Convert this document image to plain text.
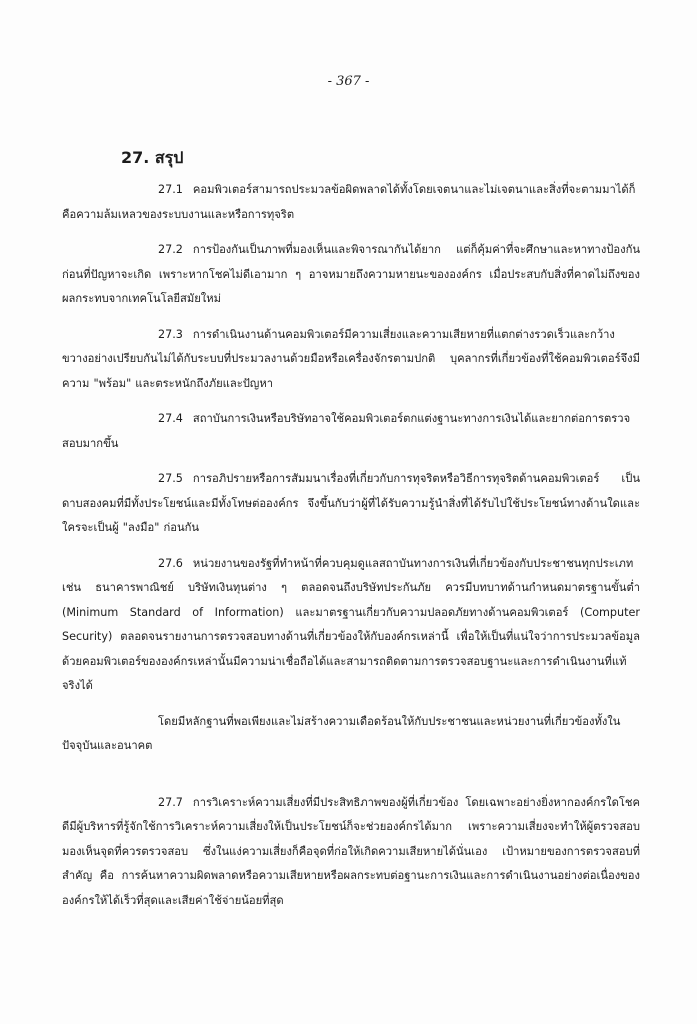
- 367 -
27. สรุป

27.1 คอมพิวเตอร์สามารถประมวลข้อผิดพลาดได้ทั้งโดยเจตนาและไม่เจตนาและสิ่งที่จะตามมาได้ก็คือความล้มเหลวของระบบงานและหรือการทุจริต

27.2 การป้องกันเป็นภาพที่มองเห็นและพิจารณากันได้ยาก แต่ก็คุ้มค่าที่จะศึกษาและหาทางป้องกันก่อนที่ปัญหาจะเกิด เพราะหากโชคไม่ดีเอามาก ๆ อาจหมายถึงความหายนะขององค์กร เมื่อประสบกับสิ่งที่คาดไม่ถึงของผลกระทบจากเทคโนโลยีสมัยใหม่

27.3 การดำเนินงานด้านคอมพิวเตอร์มีความเสี่ยงและความเสียหายที่แตกต่างรวดเร็วและกว้างขวางอย่างเปรียบกันไม่ได้กับระบบที่ประมวลงานด้วยมือหรือเครื่องจักรตามปกติ บุคลากรที่เกี่ยวข้องที่ใช้คอมพิวเตอร์จึงมีความ "พร้อม" และตระหนักถึงภัยและปัญหา

27.4 สถาบันการเงินหรือบริษัทอาจใช้คอมพิวเตอร์ตกแต่งฐานะทางการเงินได้และยากต่อการตรวจสอบมากขึ้น

27.5 การอภิปรายหรือการสัมมนาเรื่องที่เกี่ยวกับการทุจริตหรือวิธีการทุจริตด้านคอมพิวเตอร์ เป็นดาบสองคมที่มีทั้งประโยชน์และมีทั้งโทษต่อองค์กร จึงขึ้นกับว่าผู้ที่ได้รับความรู้นำสิ่งที่ได้รับไปใช้ประโยชน์ทางด้านใดและใครจะเป็นผู้ "ลงมือ" ก่อนกัน

27.6 หน่วยงานของรัฐที่ทำหน้าที่ควบคุมดูแลสถาบันทางการเงินที่เกี่ยวข้องกับประชาชนทุกประเภท เช่น ธนาคารพาณิชย์ บริษัทเงินทุนต่าง ๆ ตลอดจนถึงบริษัทประกันภัย ควรมีบทบาทด้านกำหนดมาตรฐานขั้นต่ำ (Minimum Standard of Information) และมาตรฐานเกี่ยวกับความปลอดภัยทางด้านคอมพิวเตอร์ (Computer Security) ตลอดจนรายงานการตรวจสอบทางด้านที่เกี่ยวข้องให้กับองค์กรเหล่านี้ เพื่อให้เป็นที่แน่ใจว่าการประมวลข้อมูลด้วยคอมพิวเตอร์ขององค์กรเหล่านั้นมีความน่าเชื่อถือได้และสามารถติดตามการตรวจสอบฐานะและการดำเนินงานที่แท้จริงได้

โดยมีหลักฐานที่พอเพียงและไม่สร้างความเดือดร้อนให้กับประชาชนและหน่วยงานที่เกี่ยวข้องทั้งในปัจจุบันและอนาคต

27.7 การวิเคราะห์ความเสี่ยงที่มีประสิทธิภาพของผู้ที่เกี่ยวข้อง โดยเฉพาะอย่างยิ่งหากองค์กรใดโชคดีมีผู้บริหารที่รู้จักใช้การวิเคราะห์ความเสี่ยงให้เป็นประโยชน์ก็จะช่วยองค์กรได้มาก เพราะความเสี่ยงจะทำให้ผู้ตรวจสอบมองเห็นจุดที่ควรตรวจสอบ ซึ่งในแง่ความเสี่ยงก็คือจุดที่ก่อให้เกิดความเสียหายได้นั่นเอง เป้าหมายของการตรวจสอบที่สำคัญ คือ การค้นหาความผิดพลาดหรือความเสียหายหรือผลกระทบต่อฐานะการเงินและการดำเนินงานอย่างต่อเนื่องขององค์กรให้ได้เร็วที่สุดและเสียค่าใช้จ่ายน้อยที่สุด
